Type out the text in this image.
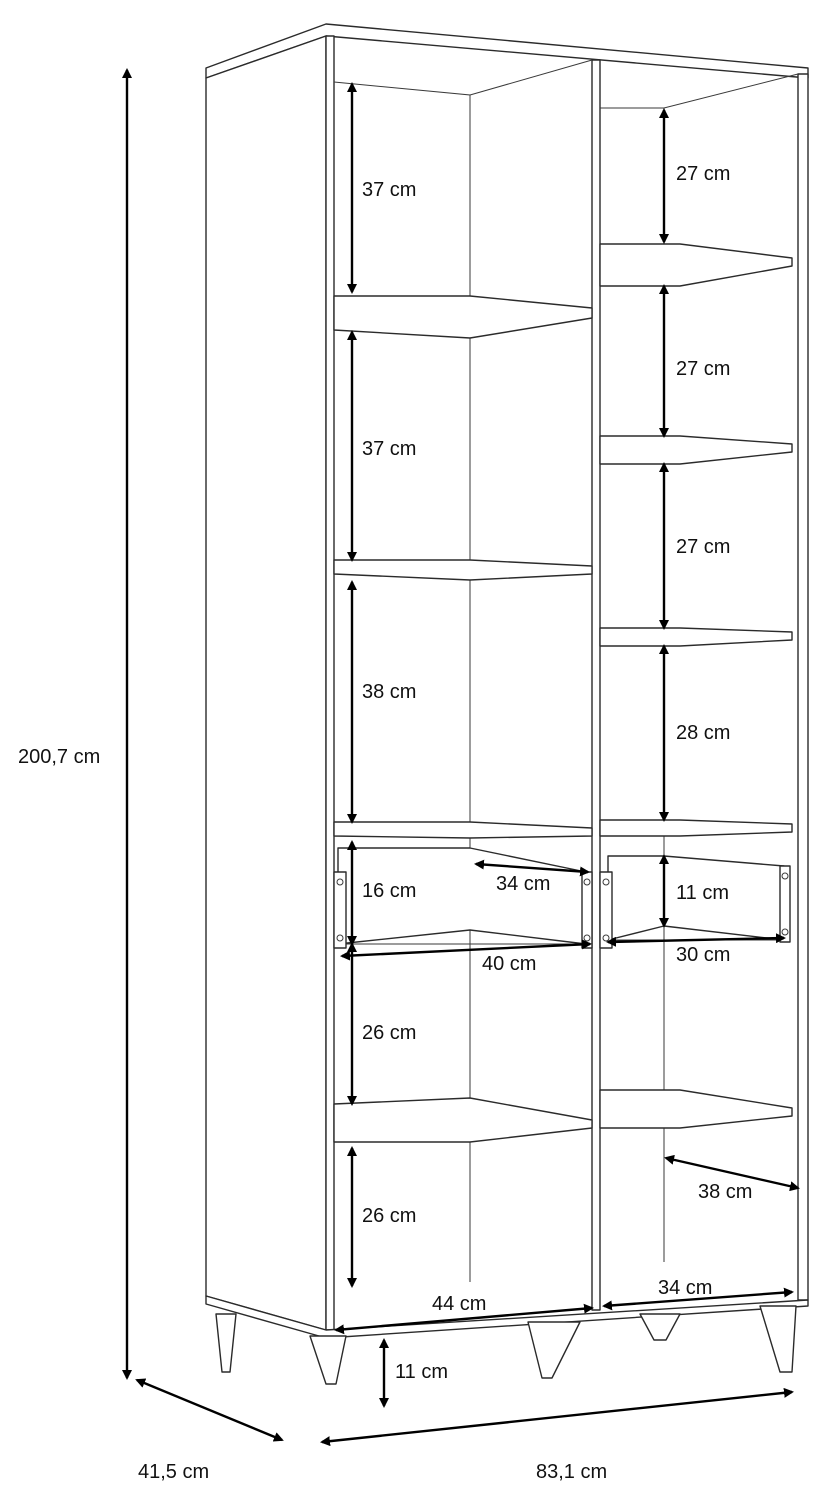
200,7 cm
41,5 cm	83,1 cm
11 cm
37 cm
37 cm
38 cm
16 cm
26 cm
26 cm
34 cm
40 cm
44 cm
27 cm
27 cm
27 cm
28 cm
11 cm
30 cm
38 cm
34 cm
